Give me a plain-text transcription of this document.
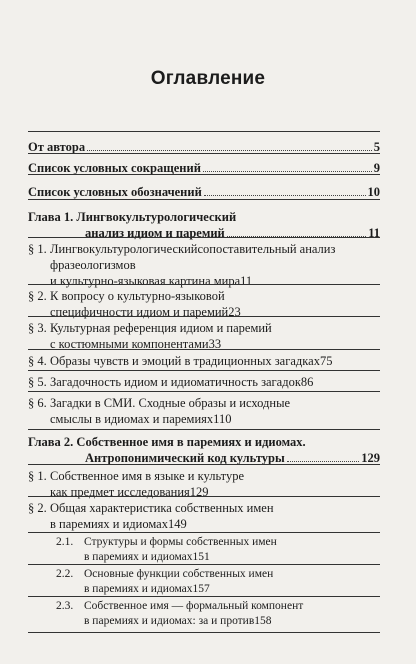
Оглавление
От автора	5
Список условных сокращений	9
Список условных обозначений	10
Глава 1. Лингвокультурологический
анализ идиом и паремий	11
§ 1. Лингвокультурологическийсопоставительный анализ фразеологизмов
и культурно-языковая картина мира11
§ 2. К вопросу о культурно-языковой
специфичности идиом и паремий23
§ 3. Культурная референция идиом и паремий
с костюмными компонентами33
§ 4. Образы чувств и эмоций в традиционных загадках75
§ 5. Загадочность идиом и идиоматичность загадок86
§ 6. Загадки в СМИ. Сходные образы и исходные
смыслы в идиомах и паремиях110
Глава 2. Собственное имя в паремиях и идиомах.
Антропонимический код культуры	129
§ 1. Собственное имя в языке и культуре
как предмет исследования129
§ 2. Общая характеристика собственных имен
в паремиях и идиомах149
2.1. Структуры и формы собственных имен
в паремиях и идиомах151
2.2. Основные функции собственных имен
в паремиях и идиомах157
2.3. Собственное имя — формальный компонент
в паремиях и идиомах: за и против158
